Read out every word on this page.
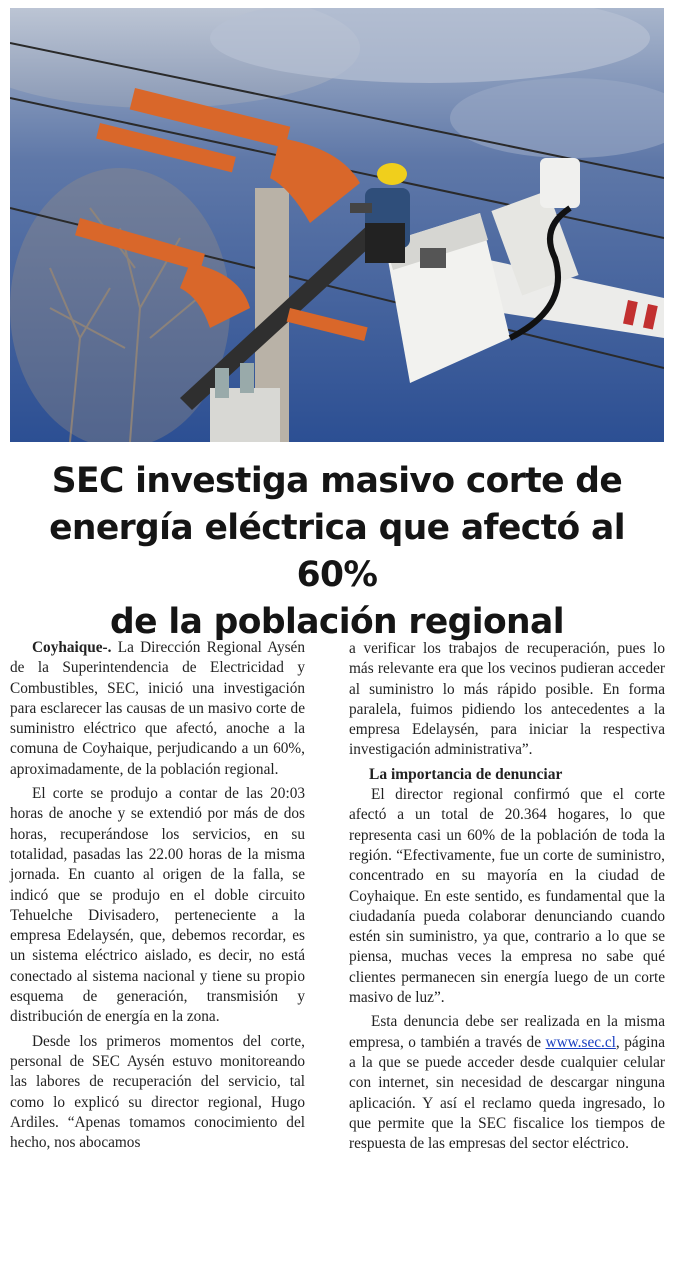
SEC investiga masivo corte de
energía eléctrica que afectó al 60%
de la población regional

Coyhaique-. La Dirección Regional Aysén de la Superintendencia de Electricidad y Combustibles, SEC, inició una investigación para esclarecer las causas de un masivo corte de suministro eléctrico que afectó, anoche a la comuna de Coyhaique, perjudicando a un 60%, aproximadamente, de la población regional.

El corte se produjo a contar de las 20:03 horas de anoche y se extendió por más de dos horas, recuperándose los servicios, en su totalidad, pasadas las 22.00 horas de la misma jornada. En cuanto al origen de la falla, se indicó que se produjo en el doble circuito Tehuelche Divisadero, perteneciente a la empresa Edelaysén, que, debemos recordar, es un sistema eléctrico aislado, es decir, no está conectado al sistema nacional y tiene su propio esquema de generación, transmisión y distribución de energía en la zona.

Desde los primeros momentos del corte, personal de SEC Aysén estuvo monitoreando las labores de recuperación del servicio, tal como lo explicó su director regional, Hugo Ardiles. “Apenas tomamos conocimiento del hecho, nos abocamos

a verificar los trabajos de recuperación, pues lo más relevante era que los vecinos pudieran acceder al suministro lo más rápido posible. En forma paralela, fuimos pidiendo los antecedentes a la empresa Edelaysén, para iniciar la respectiva investigación administrativa”.

La importancia de denunciar

El director regional confirmó que el corte afectó a un total de 20.364 hogares, lo que representa casi un 60% de la población de toda la región. “Efectivamente, fue un corte de suministro, concentrado en su mayoría en la ciudad de Coyhaique. En este sentido, es fundamental que la ciudadanía pueda colaborar denunciando cuando estén sin suministro, ya que, contrario a lo que se piensa, muchas veces la empresa no sabe qué clientes permanecen sin energía luego de un corte masivo de luz”.

Esta denuncia debe ser realizada en la misma empresa, o también a través de www.sec.cl, página a la que se puede acceder desde cualquier celular con internet, sin necesidad de descargar ninguna aplicación. Y así el reclamo queda ingresado, lo que permite que la SEC fiscalice los tiempos de respuesta de las empresas del sector eléctrico.
